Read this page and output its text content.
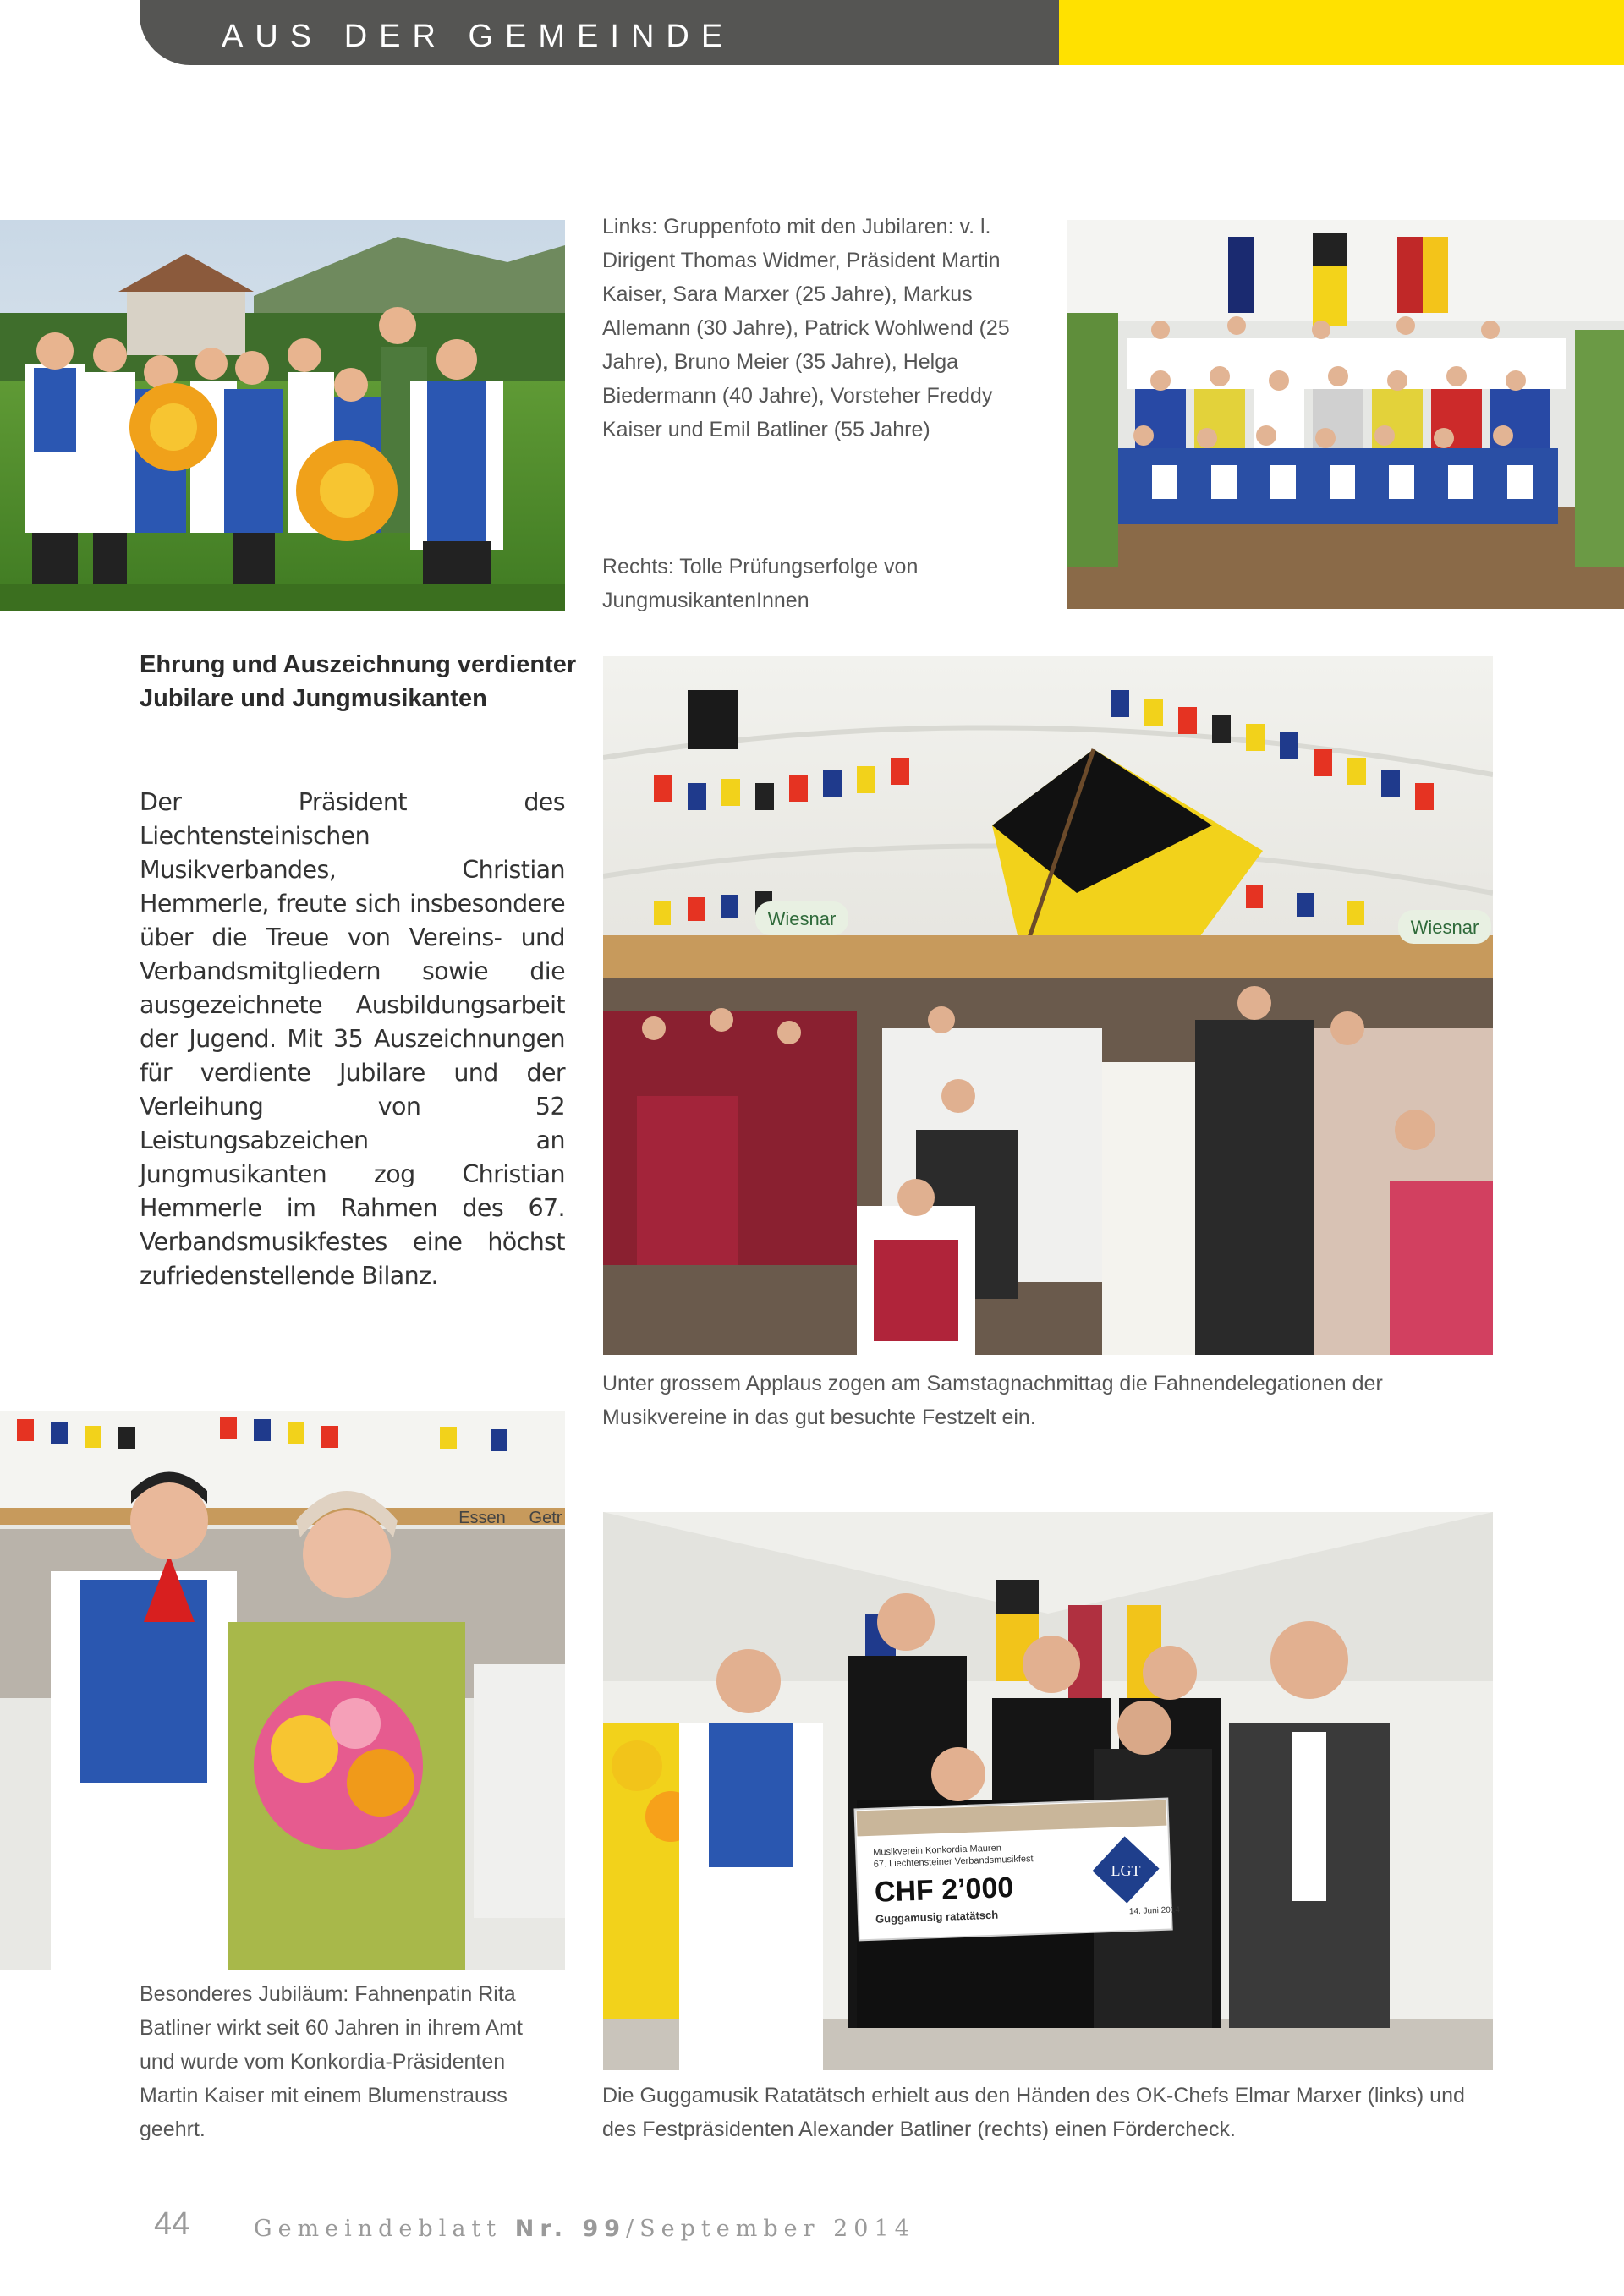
AUS DER GEMEINDE
Links: Gruppenfoto mit den Jubilaren: v. l. Dirigent Thomas Widmer, Präsident Martin Kaiser, Sara Marxer (25 Jahre), Markus Allemann (30 Jahre), Patrick Wohlwend (25 Jahre), Bruno Meier (35 Jahre), Helga Biedermann (40 Jahre), Vorsteher Freddy Kaiser und Emil Batliner (55 Jahre)
Rechts: Tolle Prüfungserfolge von JungmusikantenInnen
Ehrung und Auszeichnung verdienter Jubilare und Jungmusikanten
Der Präsident des Liechtensteinischen Musikverbandes, Christian Hemmerle, freute sich insbesondere über die Treue von Vereins- und Verbandsmitgliedern sowie die ausgezeichnete Ausbildungsarbeit der Jugend. Mit 35 Auszeichnungen für verdiente Jubilare und der Verleihung von 52 Leistungsabzeichen an Jungmusikanten zog Christian Hemmerle im Rahmen des 67. Verbandsmusikfestes eine höchst zufriedenstellende Bilanz.
Wiesnar	Wiesnar
Unter grossem Applaus zogen am Samstagnachmittag die Fahnendelegationen der Musikvereine in das gut besuchte Festzelt ein.
Essen Getr
Besonderes Jubiläum: Fahnenpatin Rita Batliner wirkt seit 60 Jahren in ihrem Amt und wurde vom Konkordia-Präsidenten Martin Kaiser mit einem Blumenstrauss geehrt.
Musikverein Konkordia Mauren
67. Liechtensteiner Verbandsmusikfest
CHF 2’000
Guggamusig ratatätsch	14. Juni 2014
LGT
Die Guggamusik Ratatätsch erhielt aus den Händen des OK-Chefs Elmar Marxer (links) und des Festpräsidenten Alexander Batliner (rechts) einen Fördercheck.
44	Gemeindeblatt Nr. 99/September 2014
